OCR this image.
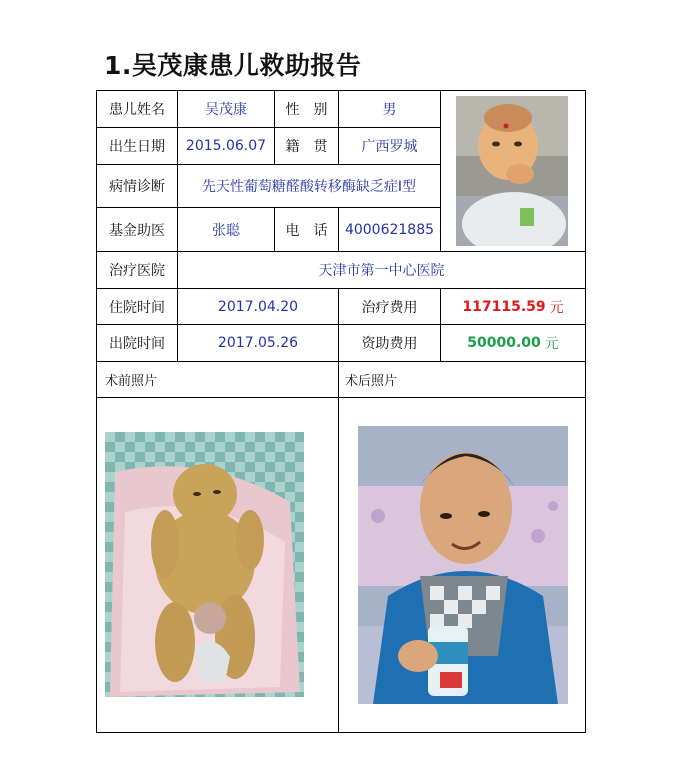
1.吴茂康患儿救助报告
患儿姓名	吴茂康	性　别	男
出生日期	2015.06.07	籍　贯	广西罗城
病情诊断	先天性葡萄糖醛酸转移酶缺乏症Ⅰ型
基金助医	张聪	电　话	4000621885
治疗医院	天津市第一中心医院
住院时间	2017.04.20	治疗费用	117115.59 元
出院时间	2017.05.26	资助费用	50000.00 元
术前照片	术后照片
